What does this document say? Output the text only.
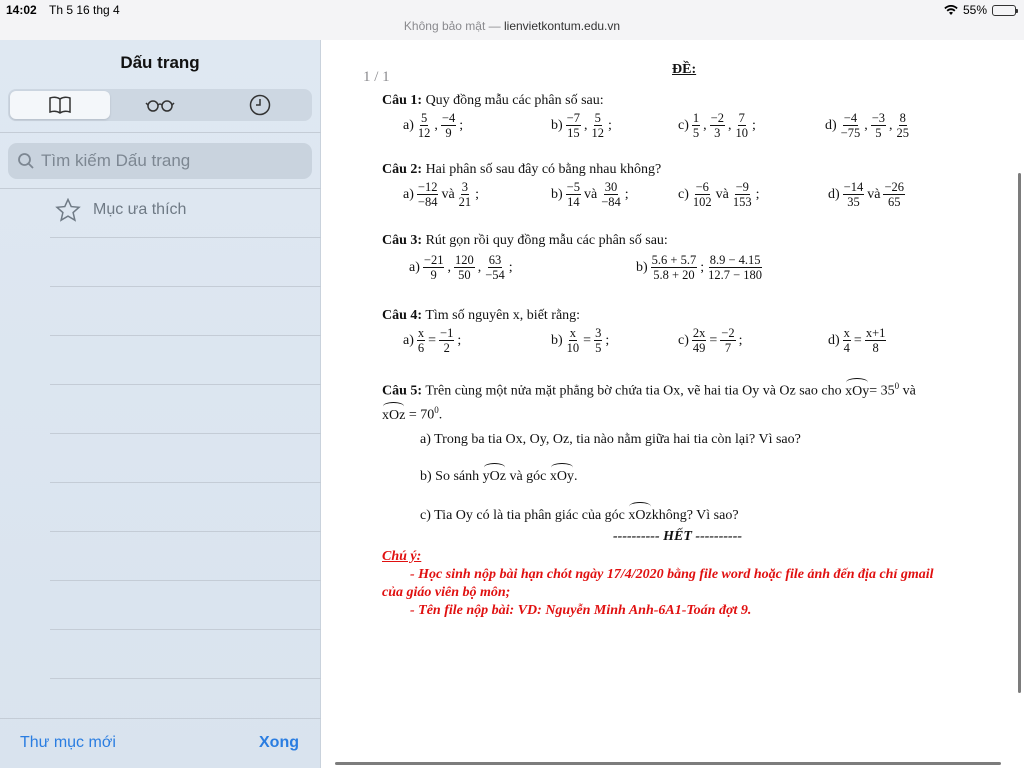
14:02 Th 5 16 thg 4	55%
Không bảo mật — lienvietkontum.edu.vn
Dấu trang
Tìm kiếm Dấu trang
Mục ưa thích
Thư mục mới	Xong
1 / 1	ĐỀ:
Câu 1: Quy đồng mẫu các phân số sau:
$a) \frac{5}{12}$ , $\frac{-4}{9}$ ;	$b) \frac{-7}{15}$ , $\frac{5}{12}$ ;	$c) \frac{1}{5}$ , $\frac{-2}{3}$ , $\frac{7}{10}$ ;	$d) \frac{-4}{-75}$ , $\frac{-3}{5}$ , $\frac{8}{25}$
Câu 2: Hai phân số sau đây có bằng nhau không?
$a) \frac{-12}{-84}$ và $\frac{3}{21}$ ;	$b) \frac{-5}{14}$ và $\frac{30}{-84}$ ;	$c) \frac{-6}{102}$ và $\frac{-9}{153}$ ;	$d) \frac{-14}{35}$ và $\frac{-26}{65}$
Câu 3: Rút gọn rồi quy đồng mẫu các phân số sau:
$a) \frac{-21}{9}$ , $\frac{120}{50}$ , $\frac{63}{-54}$ ;	$b) \frac{5.6 + 5.7}{5.8 + 20}$ ; $\frac{8.9 - 4.15}{12.7 - 180}$
Câu 4: Tìm số nguyên x, biết rằng:
$a) \frac{x}{6} = \frac{-1}{2}$ ;	$b) \frac{x}{10} = \frac{3}{5}$ ;	$c) \frac{2x}{49} = \frac{-2}{7}$ ;	$d) \frac{x}{4} = \frac{x+1}{8}$
Câu 5: Trên cùng một nửa mặt phẳng bờ chứa tia Ox, vẽ hai tia Oy và Oz sao cho $xOy= 35^0$ và
xOz = $70^0$.
a) Trong ba tia Ox, Oy, Oz, tia nào nằm giữa hai tia còn lại? Vì sao?
b) So sánh yOz và góc xOy.
c) Tia Oy có là tia phân giác của góc xOzkhông? Vì sao?
---------- HẾT ----------
Chú ý:
- Học sinh nộp bài hạn chót ngày 17/4/2020 bằng file word hoặc file ảnh đến địa chỉ gmail
của giáo viên bộ môn;
- Tên file nộp bài: VD: Nguyễn Minh Anh-6A1-Toán đợt 9.
